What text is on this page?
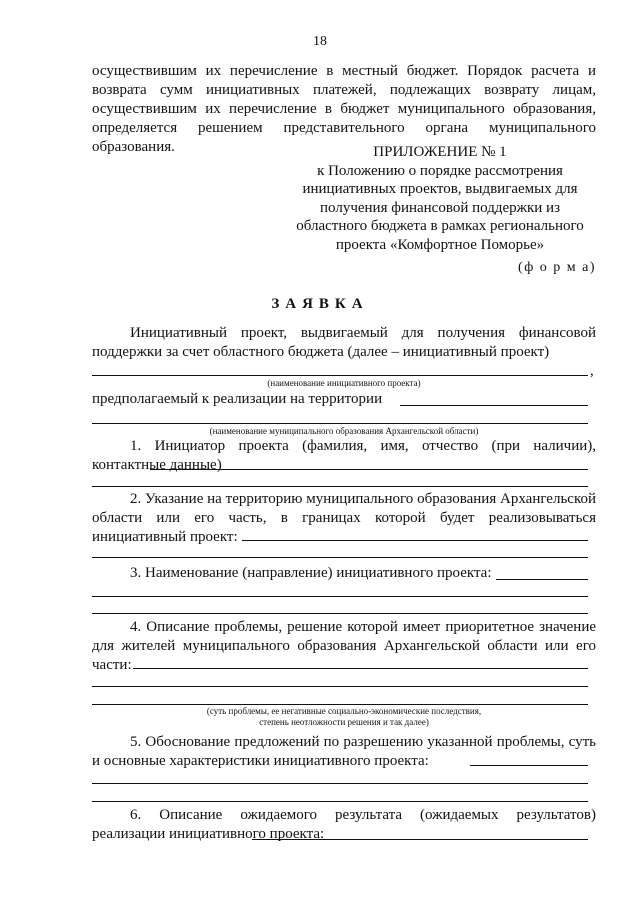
18
осуществившим их перечисление в местный бюджет. Порядок расчета и возврата сумм инициативных платежей, подлежащих возврату лицам, осуществившим их перечисление в бюджет муниципального образования, определяется решением представительного органа муниципального образования.	ПРИЛОЖЕНИЕ № 1
к Положению о порядке рассмотрения
инициативных проектов, выдвигаемых для
получения финансовой поддержки из
областного бюджета в рамках регионального
проекта «Комфортное Поморье»
(ф о р м а)
ЗАЯВКА
Инициативный проект, выдвигаемый для получения финансовой поддержки за счет областного бюджета (далее – инициативный проект)
,
(наименование инициативного проекта)
предполагаемый к реализации на территории
(наименование муниципального образования Архангельской области)
1. Инициатор проекта (фамилия, имя, отчество (при наличии), контактные данные)
2. Указание на территорию муниципального образования Архангельской области или его часть, в границах которой будет реализовываться инициативный проект:
3. Наименование (направление) инициативного проекта:
4. Описание проблемы, решение которой имеет приоритетное значение для жителей муниципального образования Архангельской области или его части:
(суть проблемы, ее негативные социально-экономические последствия,
степень неотложности решения и так далее)
5. Обоснование предложений по разрешению указанной проблемы, суть и основные характеристики инициативного проекта:
6. Описание ожидаемого результата (ожидаемых результатов) реализации инициативного проекта:
